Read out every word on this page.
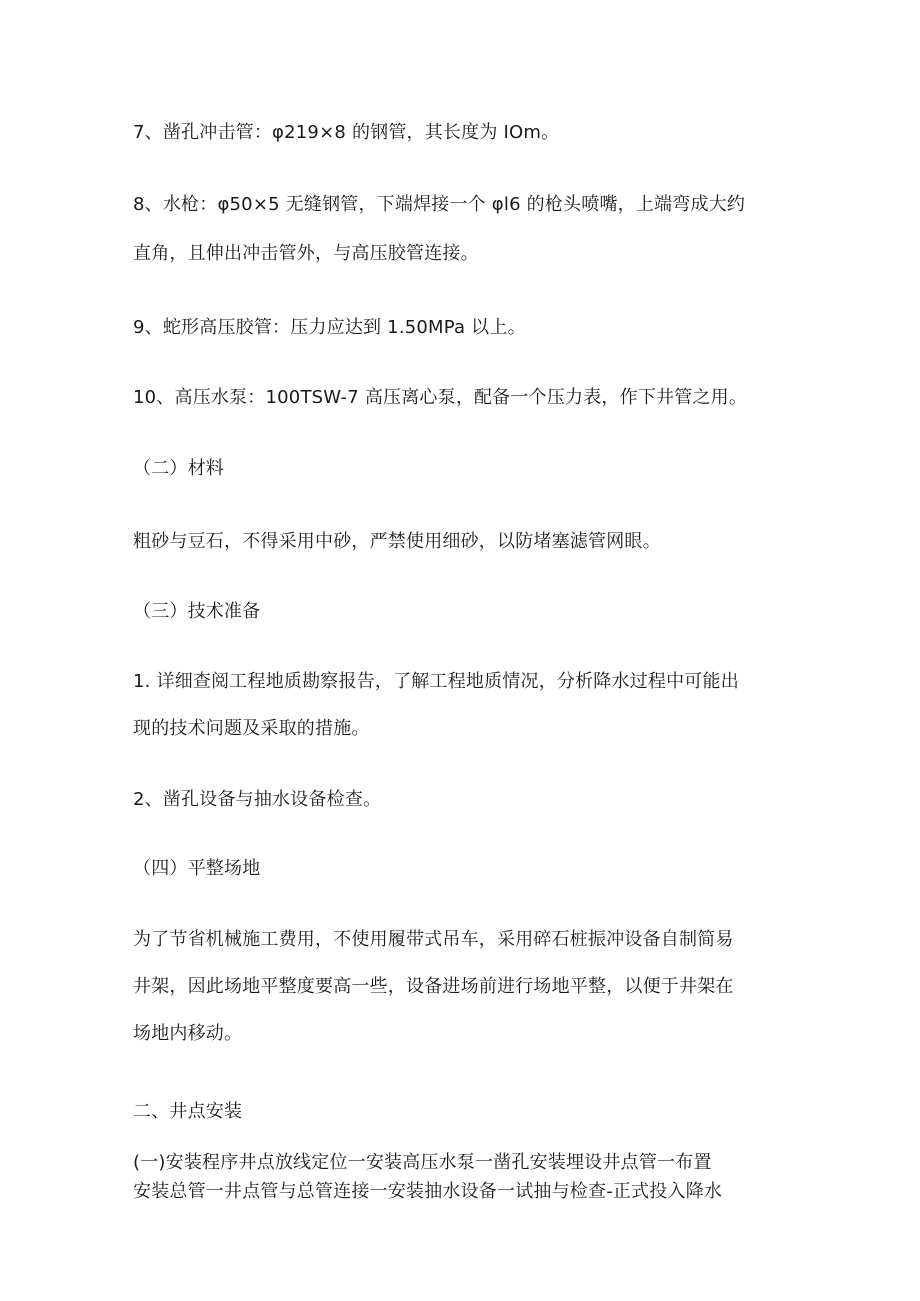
7、凿孔冲击管：φ219×8 的钢管，其长度为 IOm。
8、水枪：φ50×5 无缝钢管，下端焊接一个 φl6 的枪头喷嘴，上端弯成大约
直角，且伸出冲击管外，与高压胶管连接。
9、蛇形高压胶管：压力应达到 1.50MPa 以上。
10、高压水泵：100TSW-7 高压离心泵，配备一个压力表，作下井管之用。
（二）材料
粗砂与豆石，不得采用中砂，严禁使用细砂，以防堵塞滤管网眼。
（三）技术准备
1. 详细查阅工程地质勘察报告，了解工程地质情况，分析降水过程中可能出
现的技术问题及采取的措施。
2、凿孔设备与抽水设备检查。
（四）平整场地
为了节省机械施工费用，不使用履带式吊车，采用碎石桩振冲设备自制简易
井架，因此场地平整度要高一些，设备进场前进行场地平整，以便于井架在
场地内移动。
二、井点安装
(一)安装程序井点放线定位一安装高压水泵一凿孔安装埋设井点管一布置
安装总管一井点管与总管连接一安装抽水设备一试抽与检查-正式投入降水
